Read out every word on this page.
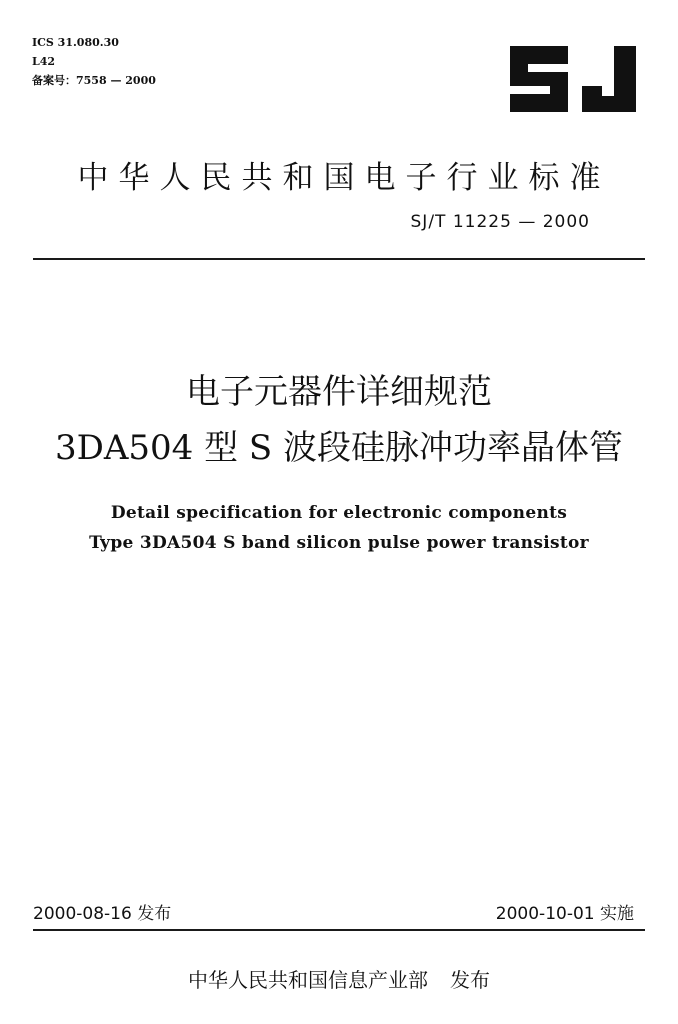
ICS 31.080.30
L42
备案号：7558 — 2000
中华人民共和国电子行业标准
SJ/T 11225 — 2000
电子元器件详细规范
3DA504 型 S 波段硅脉冲功率晶体管
Detail specification for electronic components
Type 3DA504 S band silicon pulse power transistor
2000-08-16 发布	2000-10-01 实施
中华人民共和国信息产业部 发布
